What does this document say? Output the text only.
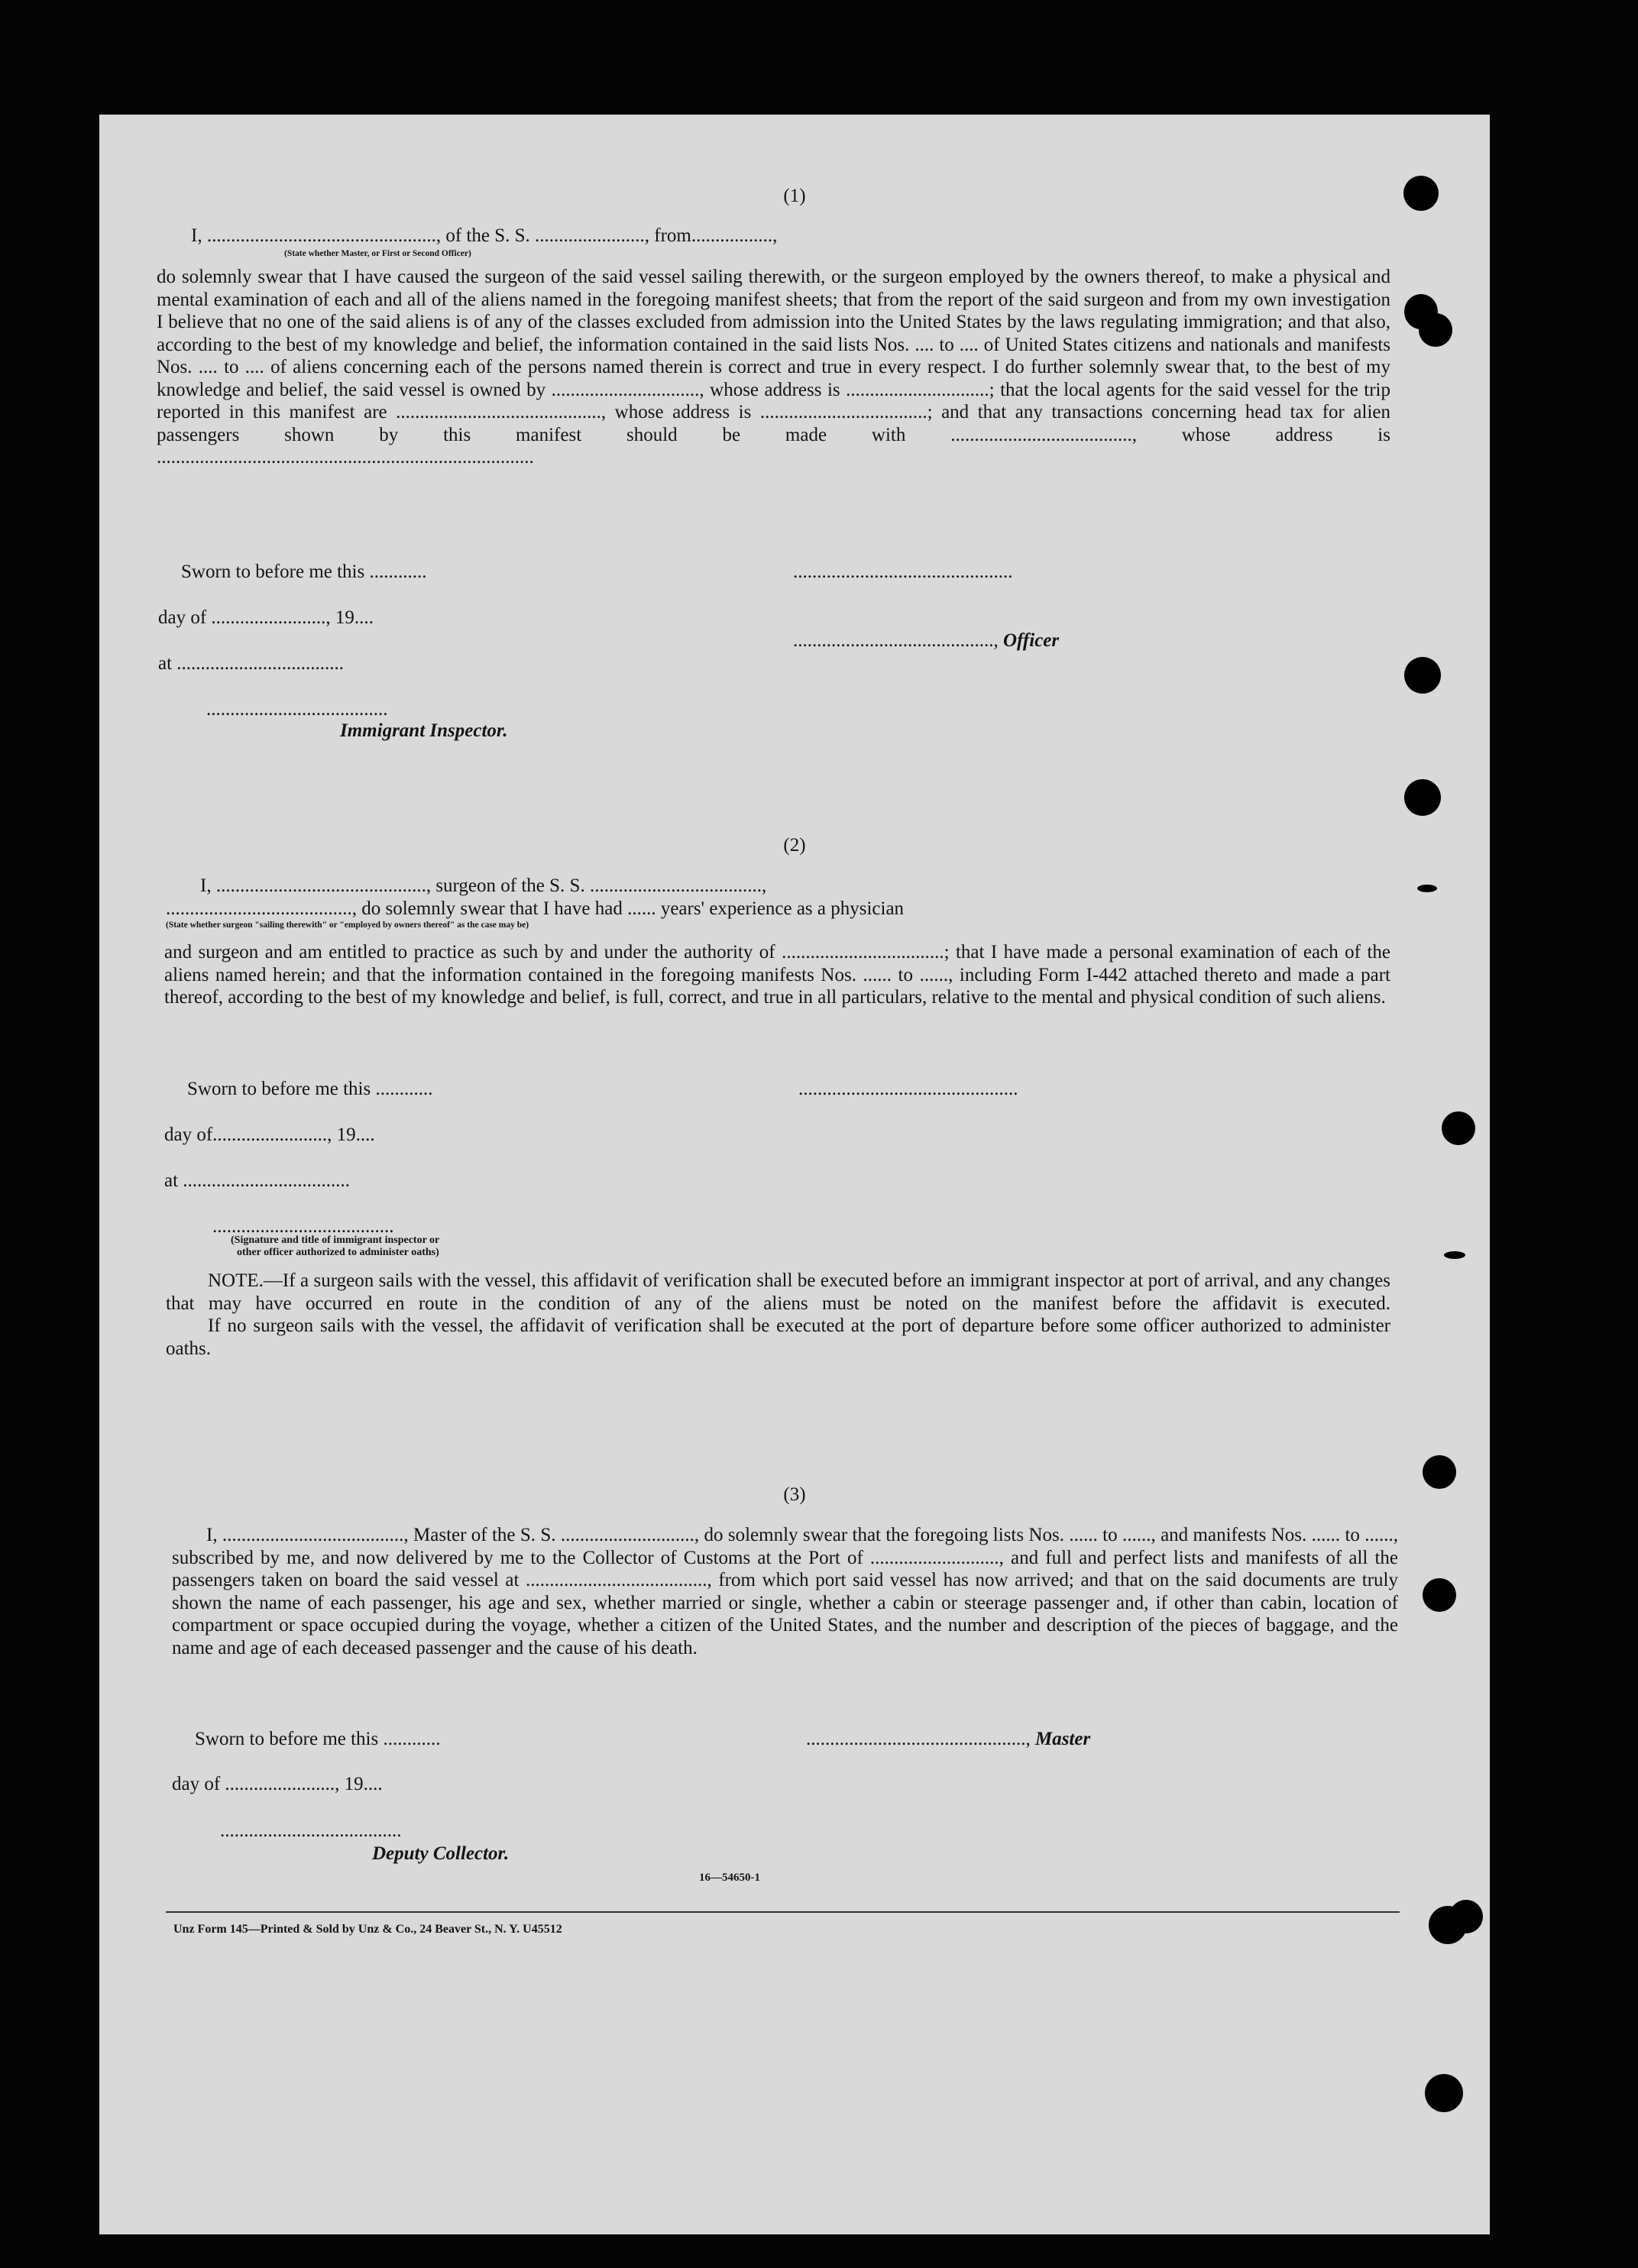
(1)
I, ................................................, of the S. S. ......................., from.................,
(State whether Master, or First or Second Officer)
do solemnly swear that I have caused the surgeon of the said vessel sailing therewith, or the surgeon employed by the owners thereof, to make a physical and mental examination of each and all of the aliens named in the foregoing manifest sheets; that from the report of the said surgeon and from my own investigation I believe that no one of the said aliens is of any of the classes excluded from admission into the United States by the laws regulating immigration; and that also, according to the best of my knowledge and belief, the information contained in the said lists Nos. .... to .... of United States citizens and nationals and manifests Nos. .... to .... of aliens concerning each of the persons named therein is correct and true in every respect. I do further solemnly swear that, to the best of my knowledge and belief, the said vessel is owned by ..............................., whose address is ..............................; that the local agents for the said vessel for the trip reported in this manifest are ..........................................., whose address is ...................................; and that any transactions concerning head tax for alien passengers shown by this manifest should be made with ......................................, whose address is
...............................................................................
Sworn to before me this ............	..............................................
day of ........................, 19....
.........................................., Officer
at ...................................
......................................
Immigrant Inspector.
(2)
I, ............................................, surgeon of the S. S. ....................................,
......................................., do solemnly swear that I have had ...... years' experience as a physician
(State whether surgeon "sailing therewith" or "employed by owners thereof" as the case may be)
and surgeon and am entitled to practice as such by and under the authority of ..................................; that I have made a personal examination of each of the aliens named herein; and that the information contained in the foregoing manifests Nos. ...... to ......, including Form I-442 attached thereto and made a part thereof, according to the best of my knowledge and belief, is full, correct, and true in all particulars, relative to the mental and physical condition of such aliens.
Sworn to before me this ............	..............................................
day of........................, 19....
at ...................................
......................................
(Signature and title of immigrant inspector or
other officer authorized to administer oaths)

NOTE.—If a surgeon sails with the vessel, this affidavit of verification shall be executed before an immigrant inspector at port of arrival, and any changes that may have occurred en route in the condition of any of the aliens must be noted on the manifest before the affidavit is executed.

If no surgeon sails with the vessel, the affidavit of verification shall be executed at the port of departure before some officer authorized to administer oaths.

(3)
I, ......................................, Master of the S. S. ............................, do solemnly swear that the foregoing lists Nos. ...... to ......, and manifests Nos. ...... to ......, subscribed by me, and now delivered by me to the Collector of Customs at the Port of ..........................., and full and perfect lists and manifests of all the passengers taken on board the said vessel at ......................................, from which port said vessel has now arrived; and that on the said documents are truly shown the name of each passenger, his age and sex, whether married or single, whether a cabin or steerage passenger and, if other than cabin, location of compartment or space occupied during the voyage, whether a citizen of the United States, and the number and description of the pieces of baggage, and the name and age of each deceased passenger and the cause of his death.
Sworn to before me this ............	.............................................., Master
day of ......................., 19....
......................................
Deputy Collector.
16—54650-1
Unz Form 145—Printed & Sold by Unz & Co., 24 Beaver St., N. Y. U45512
